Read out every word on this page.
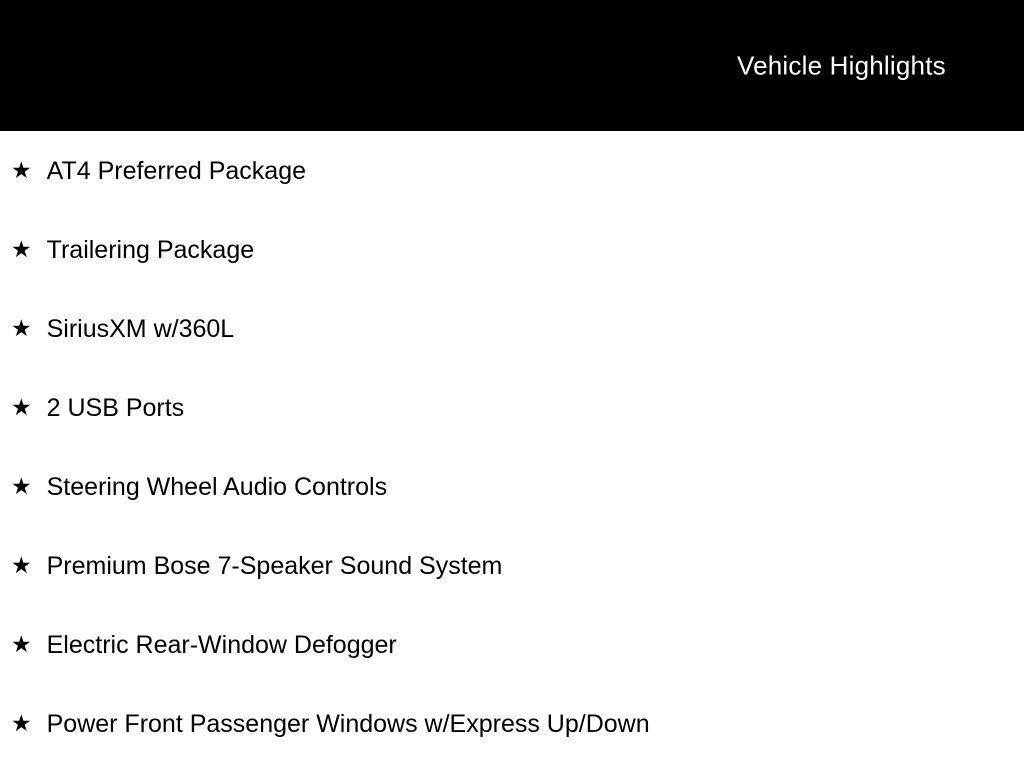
Vehicle Highlights
★ AT4 Preferred Package
★ Trailering Package
★ SiriusXM w/360L
★ 2 USB Ports
★ Steering Wheel Audio Controls
★ Premium Bose 7-Speaker Sound System
★ Electric Rear-Window Defogger
★ Power Front Passenger Windows w/Express Up/Down
